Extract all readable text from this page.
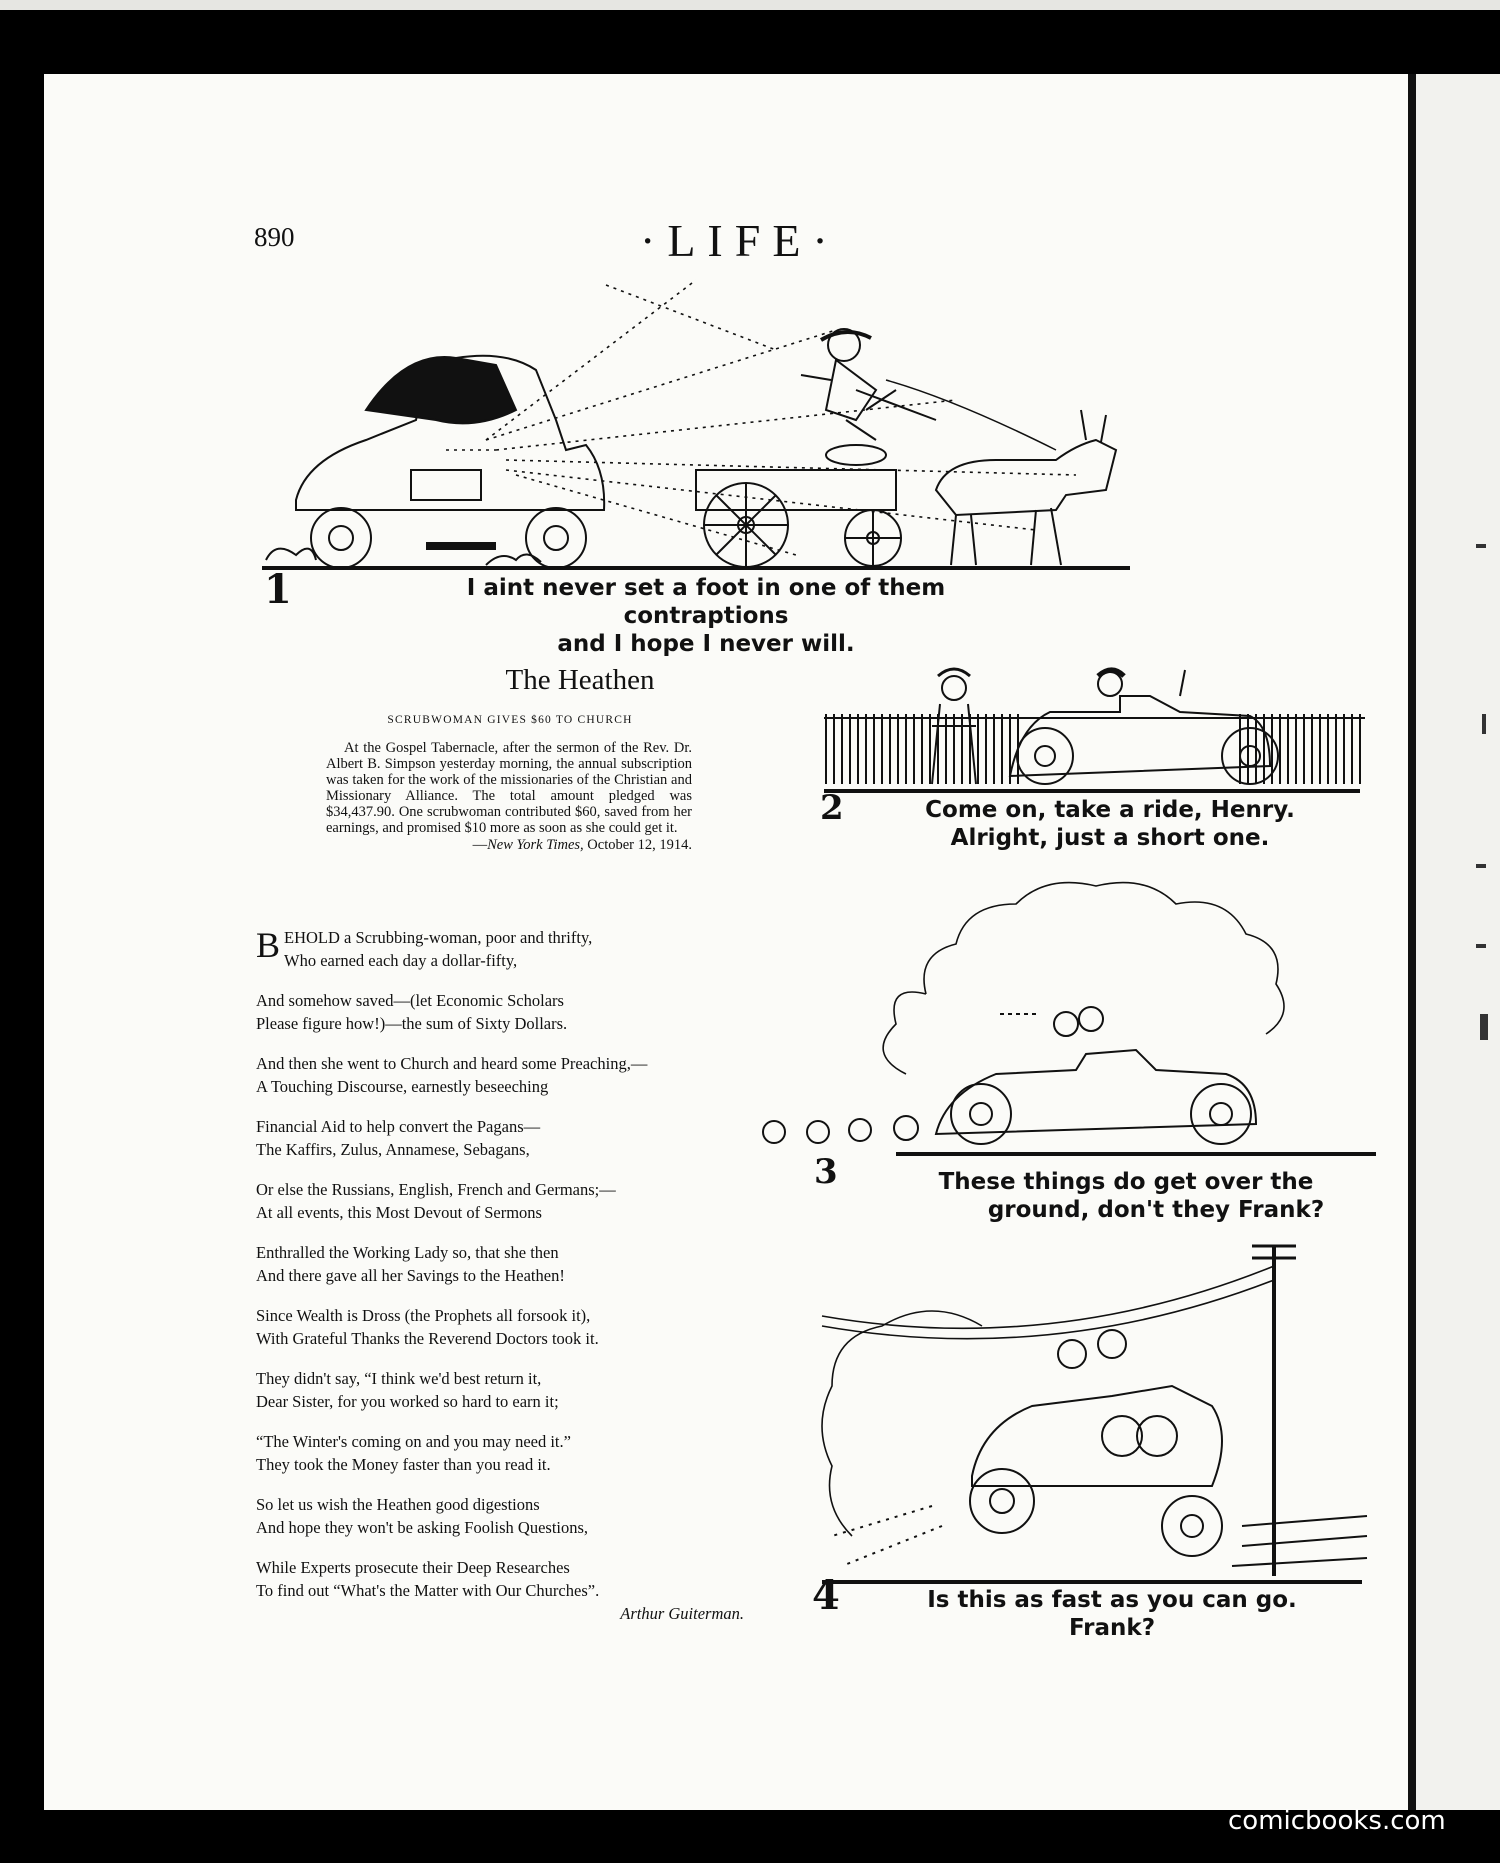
890	·LIFE·
1	I aint never set a foot in one of them contraptions
and I hope I never will.
2	Come on, take a ride, Henry.
Alright, just a short one.
3	These things do get over the
ground, don't they Frank?
4	Is this as fast as you can go.
Frank?
The Heathen
SCRUBWOMAN GIVES $60 TO CHURCH

At the Gospel Tabernacle, after the sermon of the Rev. Dr. Albert B. Simpson yesterday morning, the annual subscription was taken for the work of the missionaries of the Christian and Missionary Alliance. The total amount pledged was $34,437.90. One scrubwoman contributed $60, saved from her earnings, and promised $10 more as soon as she could get it.

—New York Times, October 12, 1914.
B EHOLD a Scrubbing-woman, poor and thrifty,
Who earned each day a dollar-fifty,
And somehow saved—(let Economic Scholars
Please figure how!)—the sum of Sixty Dollars.
And then she went to Church and heard some Preaching,—
A Touching Discourse, earnestly beseeching
Financial Aid to help convert the Pagans—
The Kaffirs, Zulus, Annamese, Sebagans,
Or else the Russians, English, French and Germans;—
At all events, this Most Devout of Sermons
Enthralled the Working Lady so, that she then
And there gave all her Savings to the Heathen!
Since Wealth is Dross (the Prophets all forsook it),
With Grateful Thanks the Reverend Doctors took it.
They didn't say, “I think we'd best return it,
Dear Sister, for you worked so hard to earn it;
“The Winter's coming on and you may need it.”
They took the Money faster than you read it.
So let us wish the Heathen good digestions
And hope they won't be asking Foolish Questions,
While Experts prosecute their Deep Researches
To find out “What's the Matter with Our Churches”.
Arthur Guiterman.
comicbooks.com
